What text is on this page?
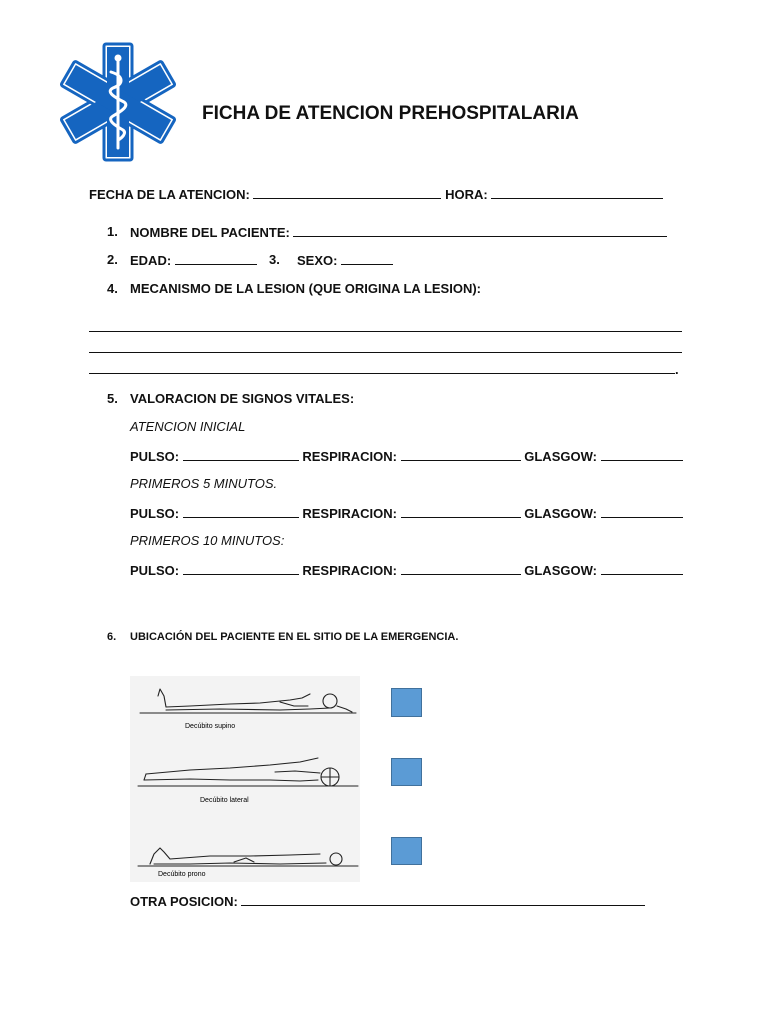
FICHA DE ATENCION PREHOSPITALARIA
FECHA DE LA ATENCION:	HORA:
1. NOMBRE DEL PACIENTE:
2. EDAD:	3. SEXO:
4. MECANISMO DE LA LESION (QUE ORIGINA LA LESION):
.
5. VALORACION DE SIGNOS VITALES:
ATENCION INICIAL
PULSO:	RESPIRACION:	GLASGOW:
PRIMEROS 5 MINUTOS.
PULSO:	RESPIRACION:	GLASGOW:
PRIMEROS 10 MINUTOS:
PULSO:	RESPIRACION:	GLASGOW:
6. UBICACIÓN DEL PACIENTE EN EL SITIO DE LA EMERGENCIA.
Decúbito supino
Decúbito lateral
Decúbito prono
OTRA POSICION:
